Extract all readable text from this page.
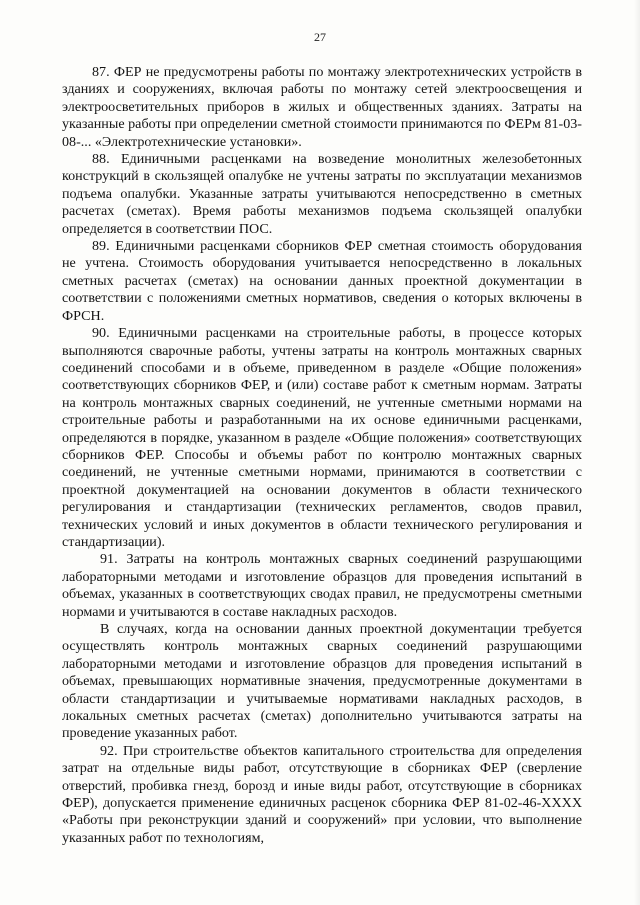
27

87. ФЕР не предусмотрены работы по монтажу электротехнических устройств в зданиях и сооружениях, включая работы по монтажу сетей электроосвещения и электроосветительных приборов в жилых и общественных зданиях. Затраты на указанные работы при определении сметной стоимости принимаются по ФЕРм 81-03-08-... «Электротехнические установки».

88. Единичными расценками на возведение монолитных железобетонных конструкций в скользящей опалубке не учтены затраты по эксплуатации механизмов подъема опалубки. Указанные затраты учитываются непосредственно в сметных расчетах (сметах). Время работы механизмов подъема скользящей опалубки определяется в соответствии ПОС.

89. Единичными расценками сборников ФЕР сметная стоимость оборудования не учтена. Стоимость оборудования учитывается непосредственно в локальных сметных расчетах (сметах) на основании данных проектной документации в соответствии с положениями сметных нормативов, сведения о которых включены в ФРСН.

90. Единичными расценками на строительные работы, в процессе которых выполняются сварочные работы, учтены затраты на контроль монтажных сварных соединений способами и в объеме, приведенном в разделе «Общие положения» соответствующих сборников ФЕР, и (или) составе работ к сметным нормам. Затраты на контроль монтажных сварных соединений, не учтенные сметными нормами на строительные работы и разработанными на их основе единичными расценками, определяются в порядке, указанном в разделе «Общие положения» соответствующих сборников ФЕР. Способы и объемы работ по контролю монтажных сварных соединений, не учтенные сметными нормами, принимаются в соответствии с проектной документацией на основании документов в области технического регулирования и стандартизации (технических регламентов, сводов правил, технических условий и иных документов в области технического регулирования и стандартизации).

91. Затраты на контроль монтажных сварных соединений разрушающими лабораторными методами и изготовление образцов для проведения испытаний в объемах, указанных в соответствующих сводах правил, не предусмотрены сметными нормами и учитываются в составе накладных расходов.

В случаях, когда на основании данных проектной документации требуется осуществлять контроль монтажных сварных соединений разрушающими лабораторными методами и изготовление образцов для проведения испытаний в объемах, превышающих нормативные значения, предусмотренные документами в области стандартизации и учитываемые нормативами накладных расходов, в локальных сметных расчетах (сметах) дополнительно учитываются затраты на проведение указанных работ.

92. При строительстве объектов капитального строительства для определения затрат на отдельные виды работ, отсутствующие в сборниках ФЕР (сверление отверстий, пробивка гнезд, борозд и иные виды работ, отсутствующие в сборниках ФЕР), допускается применение единичных расценок сборника ФЕР 81-02-46-XXXX «Работы при реконструкции зданий и сооружений» при условии, что выполнение указанных работ по технологиям,
